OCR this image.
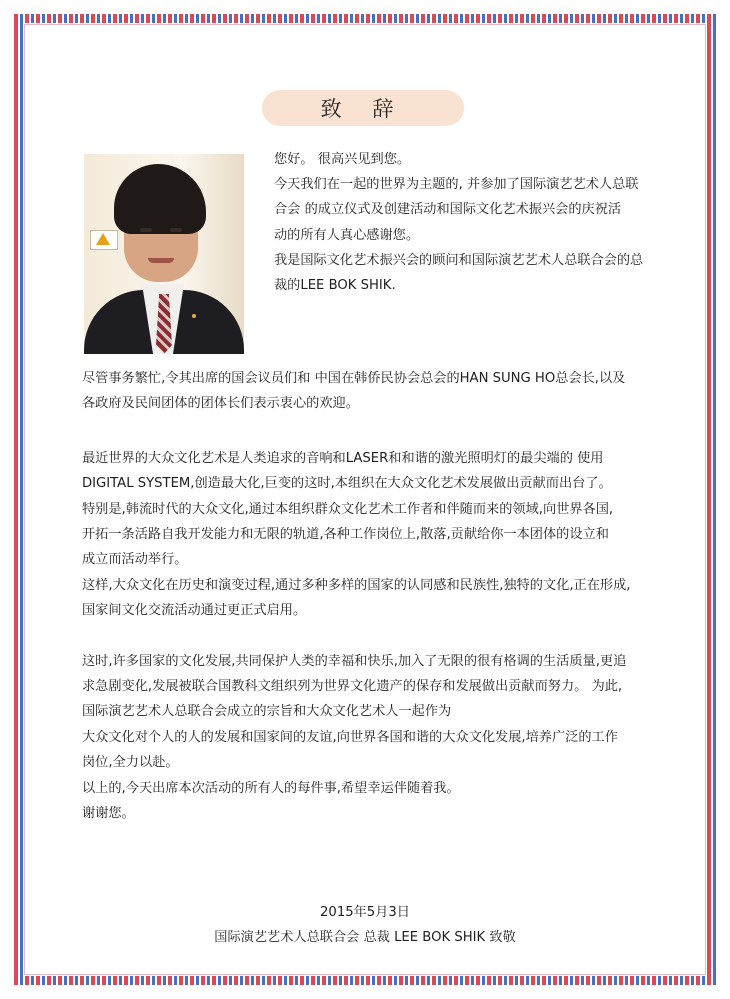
致 辞

您好。 很高兴见到您。

今天我们在一起的世界为主题的, 并参加了国际演艺艺术人总联

合会 的成立仪式及创建活动和国际文化艺术振兴会的庆祝活

动的所有人真心感谢您。

我是国际文化艺术振兴会的顾问和国际演艺艺术人总联合会的总

裁的LEE BOK SHIK.

尽管事务繁忙,令其出席的国会议员们和 中国在韩侨民协会总会的HAN SUNG HO总会长,以及

各政府及民间团体的团体长们表示衷心的欢迎。

最近世界的大众文化艺术是人类追求的音响和LASER和和谐的激光照明灯的最尖端的 使用

DIGITAL SYSTEM,创造最大化,巨变的这时,本组织在大众文化艺术发展做出贡献而出台了。

特别是,韩流时代的大众文化,通过本组织群众文化艺术工作者和伴随而来的领域,向世界各国,

开拓一条活路自我开发能力和无限的轨道,各种工作岗位上,散落,贡献给你一本团体的设立和

成立而活动举行。

这样,大众文化在历史和演变过程,通过多种多样的国家的认同感和民族性,独特的文化,正在形成,

国家间文化交流活动通过更正式启用。

这时,许多国家的文化发展,共同保护人类的幸福和快乐,加入了无限的很有格调的生活质量,更追

求急剧变化,发展被联合国教科文组织列为世界文化遗产的保存和发展做出贡献而努力。 为此,

国际演艺艺术人总联合会成立的宗旨和大众文化艺术人一起作为

大众文化对个人的人的发展和国家间的友谊,向世界各国和谐的大众文化发展,培养广泛的工作

岗位,全力以赴。

以上的,今天出席本次活动的所有人的每件事,希望幸运伴随着我。

谢谢您。

2015年5月3日

国际演艺艺术人总联合会 总裁 LEE BOK SHIK 致敬
